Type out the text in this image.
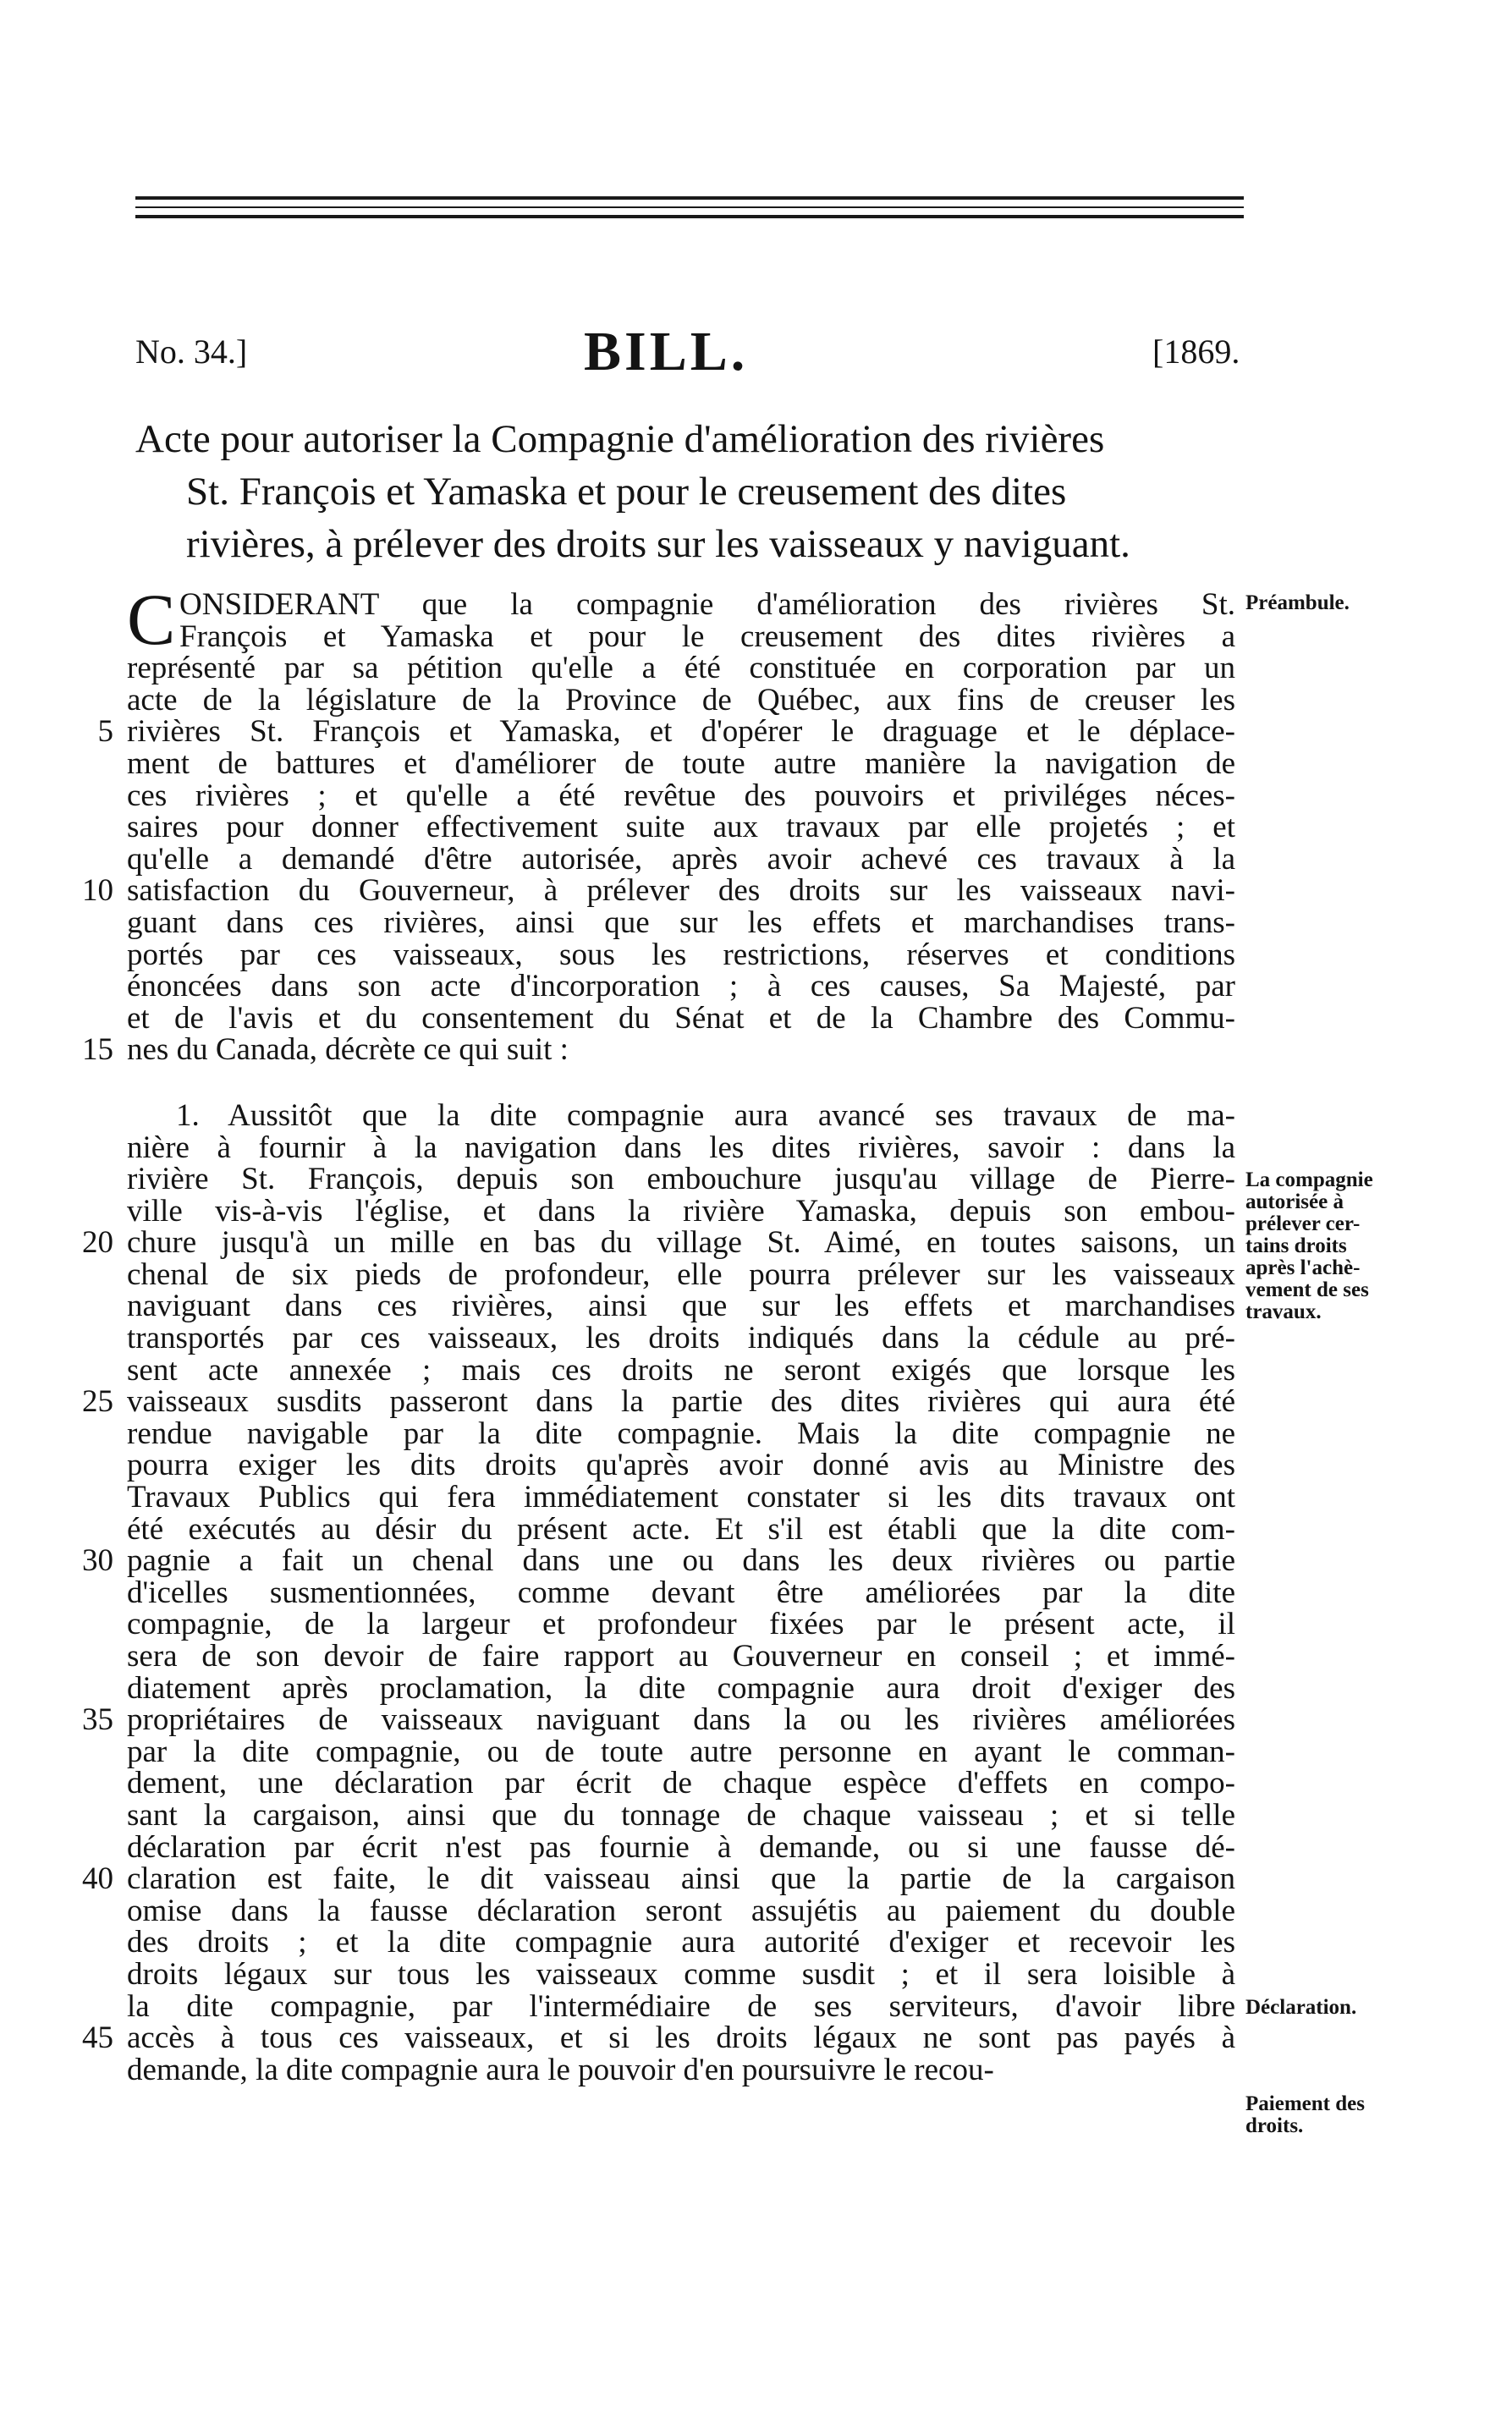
No. 34.]	BILL.	[1869.
Acte pour autoriser la Compagnie d'amélioration des rivières
St. François et Yamaska et pour le creusement des dites
rivières, à prélever des droits sur les vaisseaux y naviguant.
C ONSIDERANT que la compagnie d'amélioration des rivières St.
François et Yamaska et pour le creusement des dites rivières a
représenté par sa pétition qu'elle a été constituée en corporation par un
acte de la législature de la Province de Québec, aux fins de creuser les
5 rivières St. François et Yamaska, et d'opérer le draguage et le déplace-
ment de battures et d'améliorer de toute autre manière la navigation de
ces rivières ; et qu'elle a été revêtue des pouvoirs et priviléges néces-
saires pour donner effectivement suite aux travaux par elle projetés ; et
qu'elle a demandé d'être autorisée, après avoir achevé ces travaux à la
10 satisfaction du Gouverneur, à prélever des droits sur les vaisseaux navi-
guant dans ces rivières, ainsi que sur les effets et marchandises trans-
portés par ces vaisseaux, sous les restrictions, réserves et conditions
énoncées dans son acte d'incorporation ; à ces causes, Sa Majesté, par
et de l'avis et du consentement du Sénat et de la Chambre des Commu-
15 nes du Canada, décrète ce qui suit :
1. Aussitôt que la dite compagnie aura avancé ses travaux de ma-
nière à fournir à la navigation dans les dites rivières, savoir : dans la
rivière St. François, depuis son embouchure jusqu'au village de Pierre-
ville vis-à-vis l'église, et dans la rivière Yamaska, depuis son embou-
20 chure jusqu'à un mille en bas du village St. Aimé, en toutes saisons, un
chenal de six pieds de profondeur, elle pourra prélever sur les vaisseaux
naviguant dans ces rivières, ainsi que sur les effets et marchandises
transportés par ces vaisseaux, les droits indiqués dans la cédule au pré-
sent acte annexée ; mais ces droits ne seront exigés que lorsque les
25 vaisseaux susdits passeront dans la partie des dites rivières qui aura été
rendue navigable par la dite compagnie. Mais la dite compagnie ne
pourra exiger les dits droits qu'après avoir donné avis au Ministre des
Travaux Publics qui fera immédiatement constater si les dits travaux ont
été exécutés au désir du présent acte. Et s'il est établi que la dite com-
30 pagnie a fait un chenal dans une ou dans les deux rivières ou partie
d'icelles susmentionnées, comme devant être améliorées par la dite
compagnie, de la largeur et profondeur fixées par le présent acte, il
sera de son devoir de faire rapport au Gouverneur en conseil ; et immé-
diatement après proclamation, la dite compagnie aura droit d'exiger des
35 propriétaires de vaisseaux naviguant dans la ou les rivières améliorées
par la dite compagnie, ou de toute autre personne en ayant le comman-
dement, une déclaration par écrit de chaque espèce d'effets en compo-
sant la cargaison, ainsi que du tonnage de chaque vaisseau ; et si telle
déclaration par écrit n'est pas fournie à demande, ou si une fausse dé-
40 claration est faite, le dit vaisseau ainsi que la partie de la cargaison
omise dans la fausse déclaration seront assujétis au paiement du double
des droits ; et la dite compagnie aura autorité d'exiger et recevoir les
droits légaux sur tous les vaisseaux comme susdit ; et il sera loisible à
la dite compagnie, par l'intermédiaire de ses serviteurs, d'avoir libre
45 accès à tous ces vaisseaux, et si les droits légaux ne sont pas payés à
demande, la dite compagnie aura le pouvoir d'en poursuivre le recou-
Préambule.
La compagnie
autorisée à
prélever cer-
tains droits
après l'achè-
vement de ses
travaux.
Déclaration.
Paiement des
droits.
